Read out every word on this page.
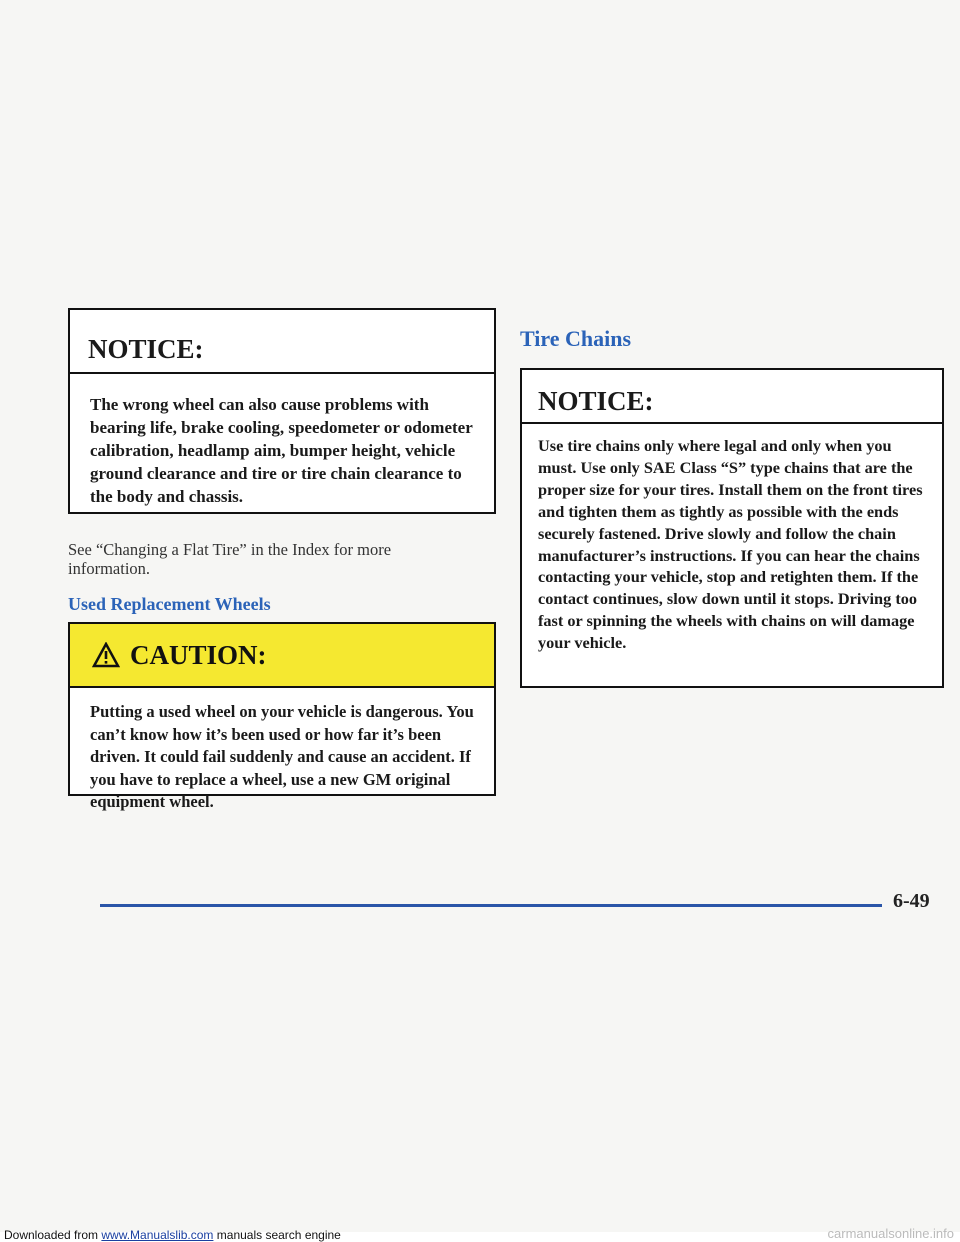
NOTICE:
The wrong wheel can also cause problems with bearing life, brake cooling, speedometer or odometer calibration, headlamp aim, bumper height, vehicle ground clearance and tire or tire chain clearance to the body and chassis.
See “Changing a Flat Tire” in the Index for more information.
Used Replacement Wheels
CAUTION:
Putting a used wheel on your vehicle is dangerous. You can’t know how it’s been used or how far it’s been driven. It could fail suddenly and cause an accident. If you have to replace a wheel, use a new GM original equipment wheel.
Tire Chains
NOTICE:
Use tire chains only where legal and only when you must. Use only SAE Class “S” type chains that are the proper size for your tires. Install them on the front tires and tighten them as tightly as possible with the ends securely fastened. Drive slowly and follow the chain manufacturer’s instructions. If you can hear the chains contacting your vehicle, stop and retighten them. If the contact continues, slow down until it stops. Driving too fast or spinning the wheels with chains on will damage your vehicle.
6-49
Downloaded from www.Manualslib.com manuals search engine	carmanualsonline.info
